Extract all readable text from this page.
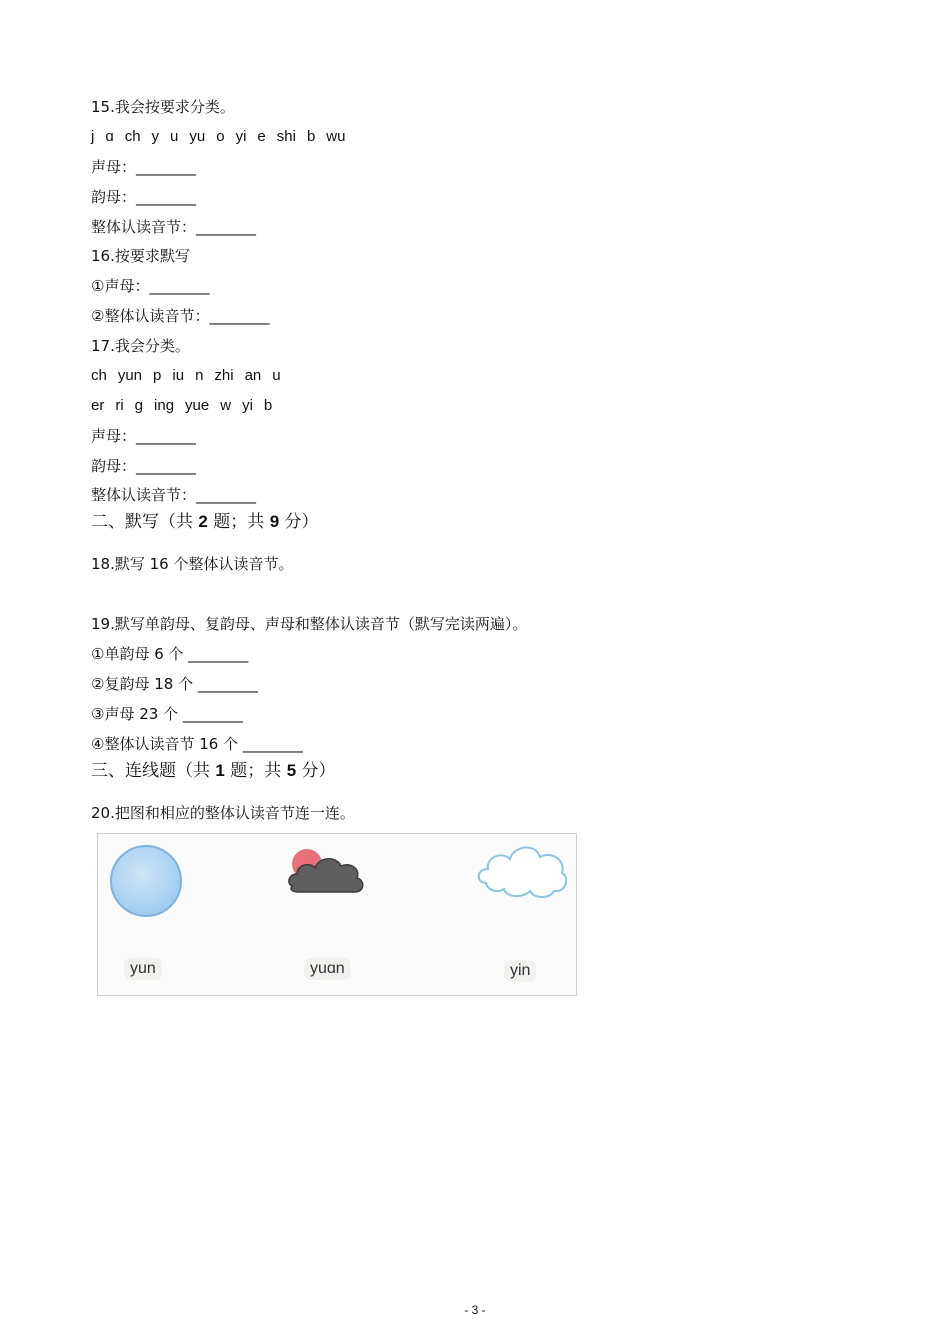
15.我会按要求分类。
j ɑ ch y u yu o yi e shi b wu
声母：________
韵母：________
整体认读音节：________
16.按要求默写
①声母：________
②整体认读音节：________
17.我会分类。
ch yun p iu n zhi an u
er ri g ing yue w yi b
声母：________
韵母：________
整体认读音节：________
二、默写（共 2 题；共 9 分）
18.默写 16 个整体认读音节。
19.默写单韵母、复韵母、声母和整体认读音节（默写完读两遍）。
①单韵母 6 个 ________
②复韵母 18 个 ________
③声母 23 个 ________
④整体认读音节 16 个 ________
三、连线题（共 1 题；共 5 分）
20.把图和相应的整体认读音节连一连。
yun	yuɑn	yin
- 3 -
